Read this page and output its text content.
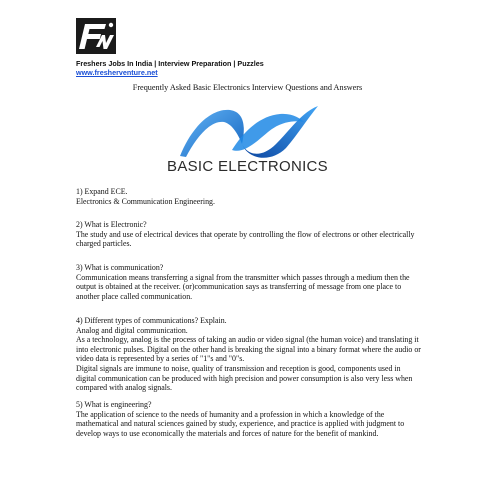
Freshers Jobs In India | Interview Preparation | Puzzles
www.fresherventure.net
Frequently Asked Basic Electronics Interview Questions and Answers
BASIC ELECTRONICS

1) Expand ECE.

Electronics & Communication Engineering.

2) What is Electronic?

The study and use of electrical devices that operate by controlling the flow of electrons or other electrically charged particles.

3) What is communication?

Communication means transferring a signal from the transmitter which passes through a medium then the output is obtained at the receiver. (or)communication says as transferring of message from one place to another place called communication.

4) Different types of communications? Explain.

Analog and digital communication.

As a technology, analog is the process of taking an audio or video signal (the human voice) and translating it into electronic pulses. Digital on the other hand is breaking the signal into a binary format where the audio or video data is represented by a series of "1"s and "0"s.

Digital signals are immune to noise, quality of transmission and reception is good, components used in digital communication can be produced with high precision and power consumption is also very less when compared with analog signals.

5) What is engineering?

The application of science to the needs of humanity and a profession in which a knowledge of the mathematical and natural sciences gained by study, experience, and practice is applied with judgment to develop ways to use economically the materials and forces of nature for the benefit of mankind.
